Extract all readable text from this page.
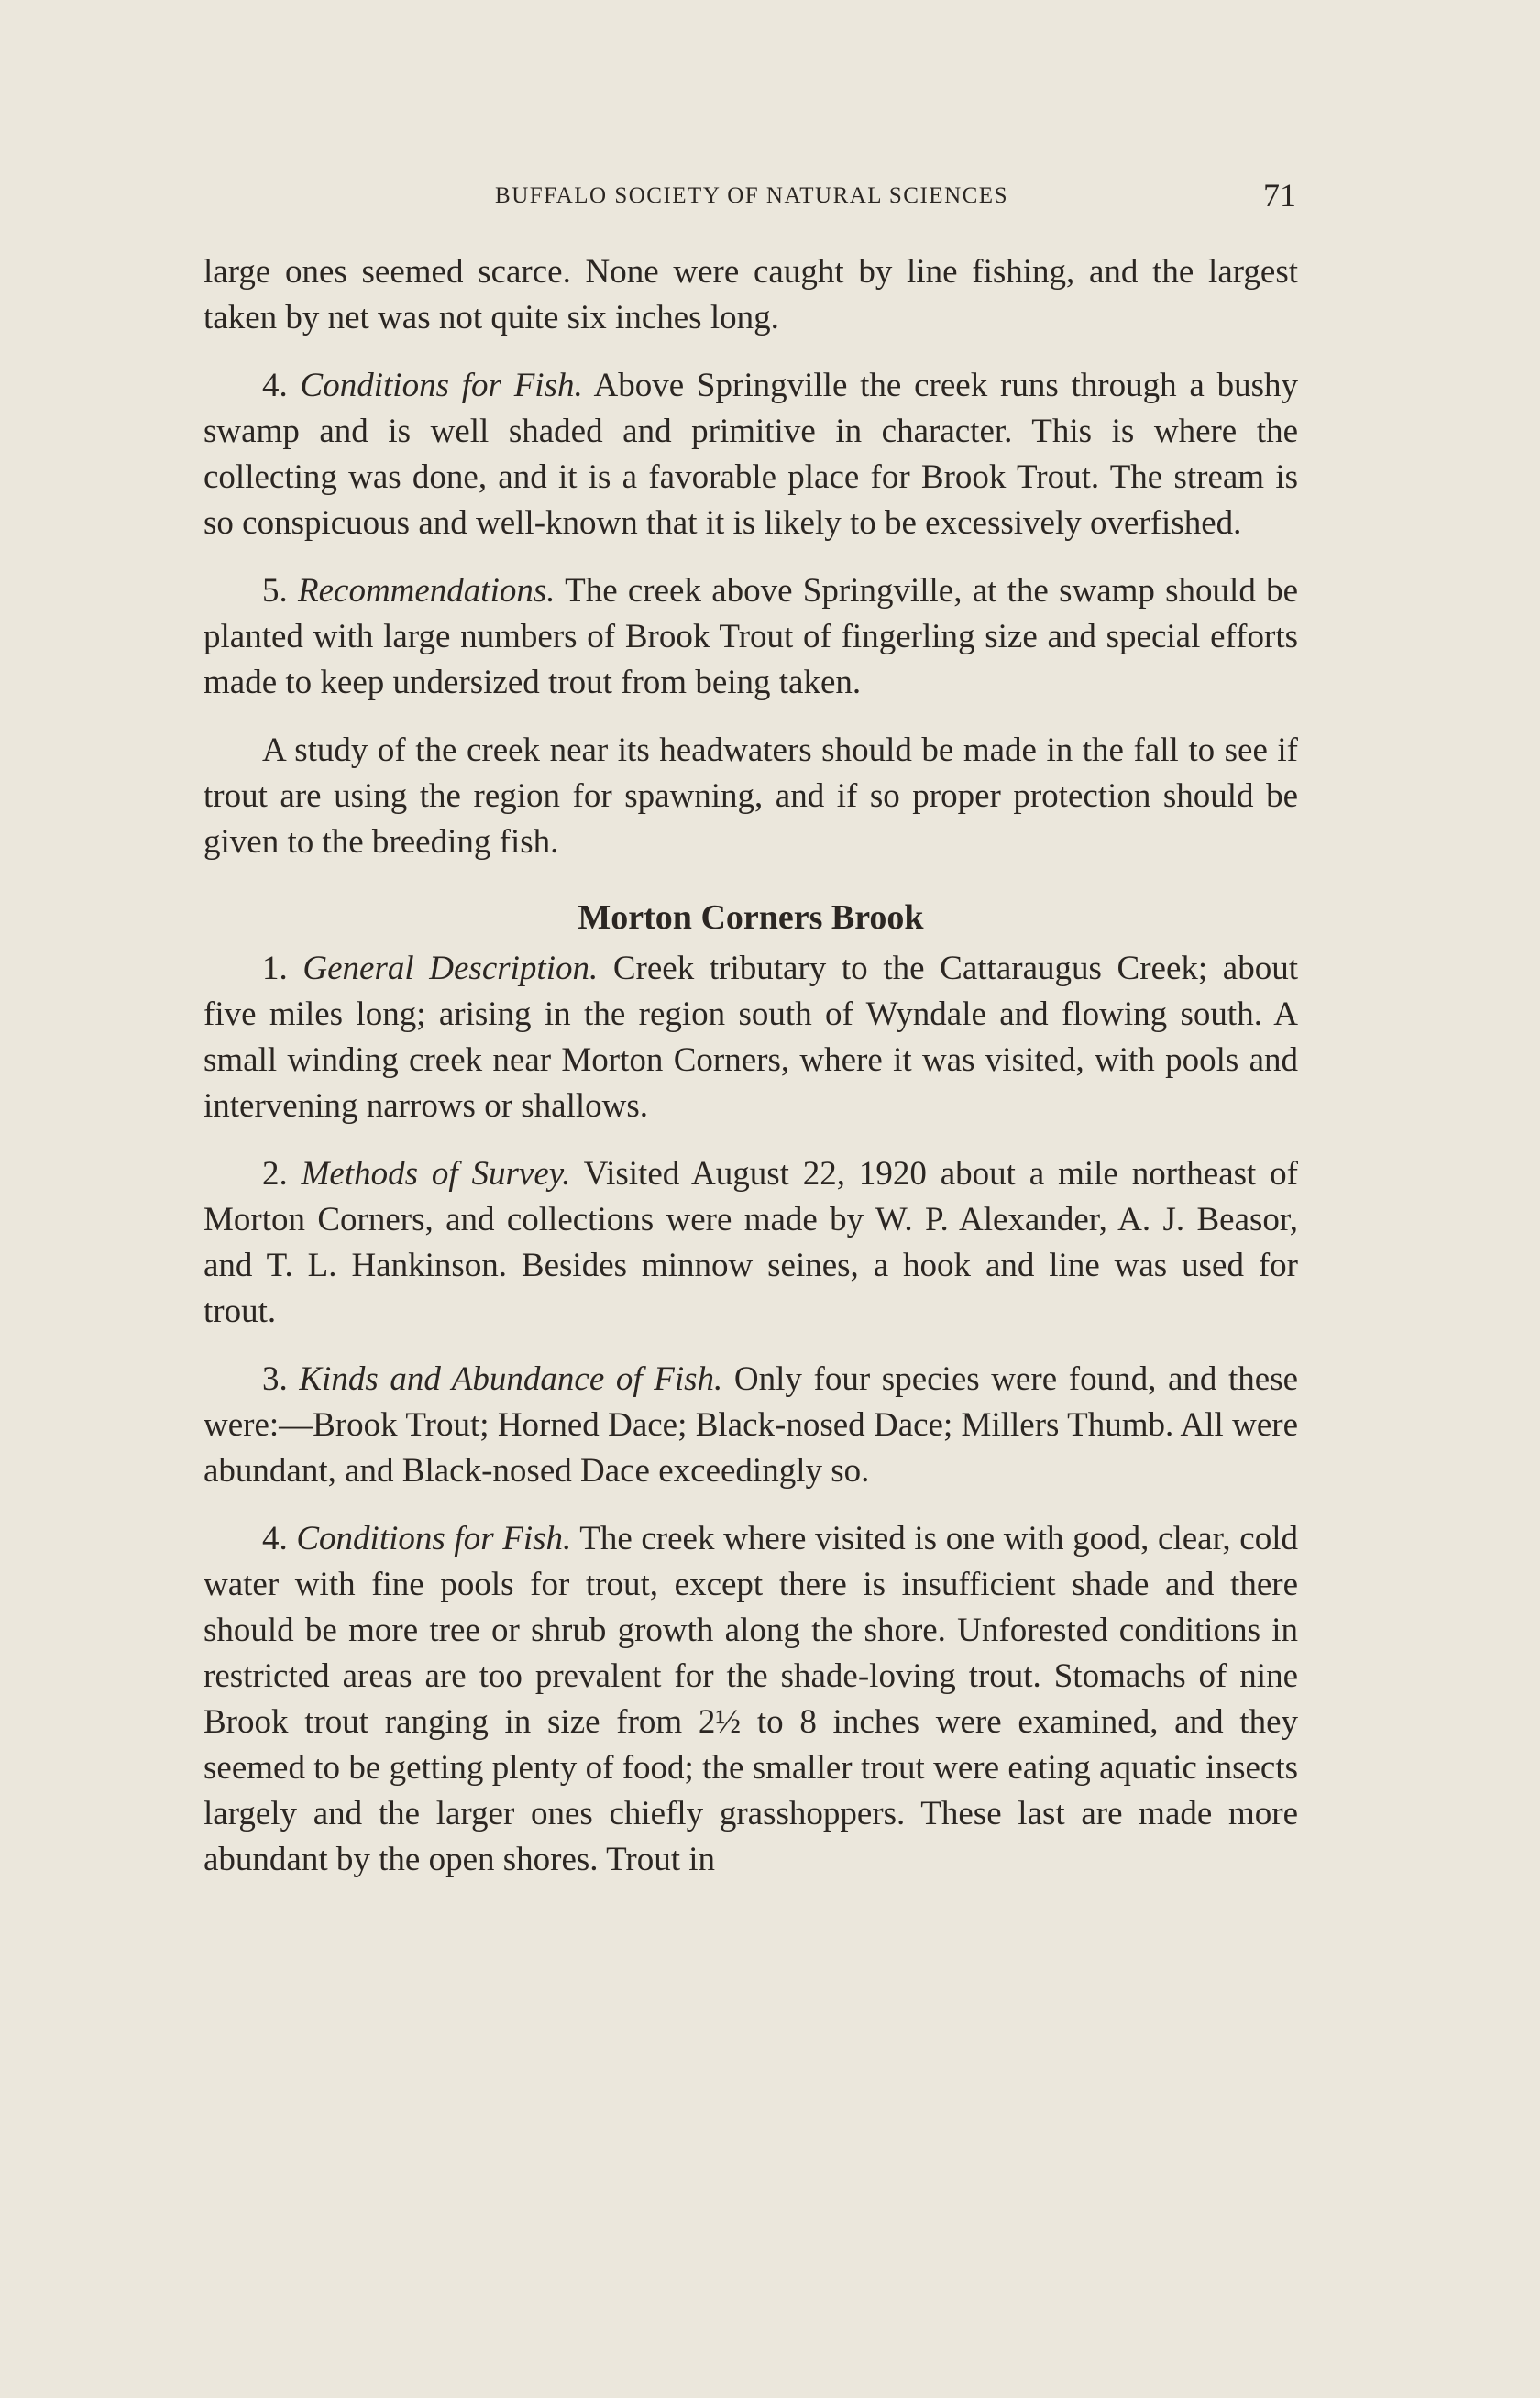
BUFFALO SOCIETY OF NATURAL SCIENCES	71

large ones seemed scarce. None were caught by line fishing, and the largest taken by net was not quite six inches long.

4. Conditions for Fish. Above Springville the creek runs through a bushy swamp and is well shaded and primitive in character. This is where the collecting was done, and it is a favorable place for Brook Trout. The stream is so conspicuous and well-known that it is likely to be excessively overfished.

5. Recommendations. The creek above Springville, at the swamp should be planted with large numbers of Brook Trout of fingerling size and special efforts made to keep undersized trout from being taken.

A study of the creek near its headwaters should be made in the fall to see if trout are using the region for spawning, and if so proper protection should be given to the breeding fish.

Morton Corners Brook

1. General Description. Creek tributary to the Cattaraugus Creek; about five miles long; arising in the region south of Wyndale and flowing south. A small winding creek near Morton Corners, where it was visited, with pools and intervening narrows or shallows.

2. Methods of Survey. Visited August 22, 1920 about a mile northeast of Morton Corners, and collections were made by W. P. Alexander, A. J. Beasor, and T. L. Hankinson. Besides minnow seines, a hook and line was used for trout.

3. Kinds and Abundance of Fish. Only four species were found, and these were:—Brook Trout; Horned Dace; Black-nosed Dace; Millers Thumb. All were abundant, and Black-nosed Dace exceedingly so.

4. Conditions for Fish. The creek where visited is one with good, clear, cold water with fine pools for trout, except there is insufficient shade and there should be more tree or shrub growth along the shore. Unforested conditions in restricted areas are too prevalent for the shade-loving trout. Stomachs of nine Brook trout ranging in size from 2½ to 8 inches were examined, and they seemed to be getting plenty of food; the smaller trout were eating aquatic insects largely and the larger ones chiefly grasshoppers. These last are made more abundant by the open shores. Trout in
